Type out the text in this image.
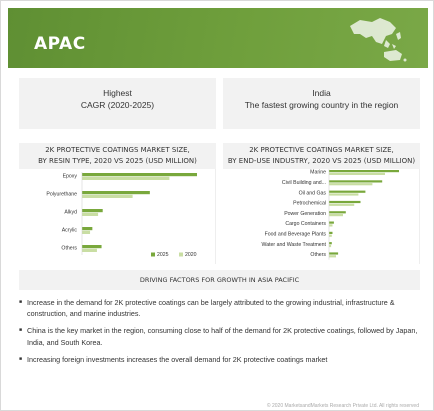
APAC
Highest
CAGR (2020-2025)
India
The fastest growing country in the region
2K PROTECTIVE COATINGS MARKET SIZE,
BY RESIN TYPE, 2020 VS 2025 (USD MILLION)
2K PROTECTIVE COATINGS MARKET SIZE,
BY END-USE INDUSTRY, 2020 VS 2025 (USD MILLION)
Epoxy
Polyurethane
Alkyd
Acrylic
Others
2025	2020
Marine
Civil Building and...
Oil and Gas
Petrochemical
Power Generation
Cargo Containers
Food and Beverage Plants
Water and Waste Treatment
Others
DRIVING FACTORS FOR GROWTH IN ASIA PACIFIC
■ Increase in the demand for 2K protective coatings can be largely attributed to the growing industrial, infrastructure & construction, and marine industries.
■ China is the key market in the region, consuming close to half of the demand for 2K protective coatings, followed by Japan, India, and South Korea.
■ Increasing foreign investments increases the overall demand for 2K protective coatings market
© 2020 MarketsandMarkets Research Private Ltd. All rights reserved
